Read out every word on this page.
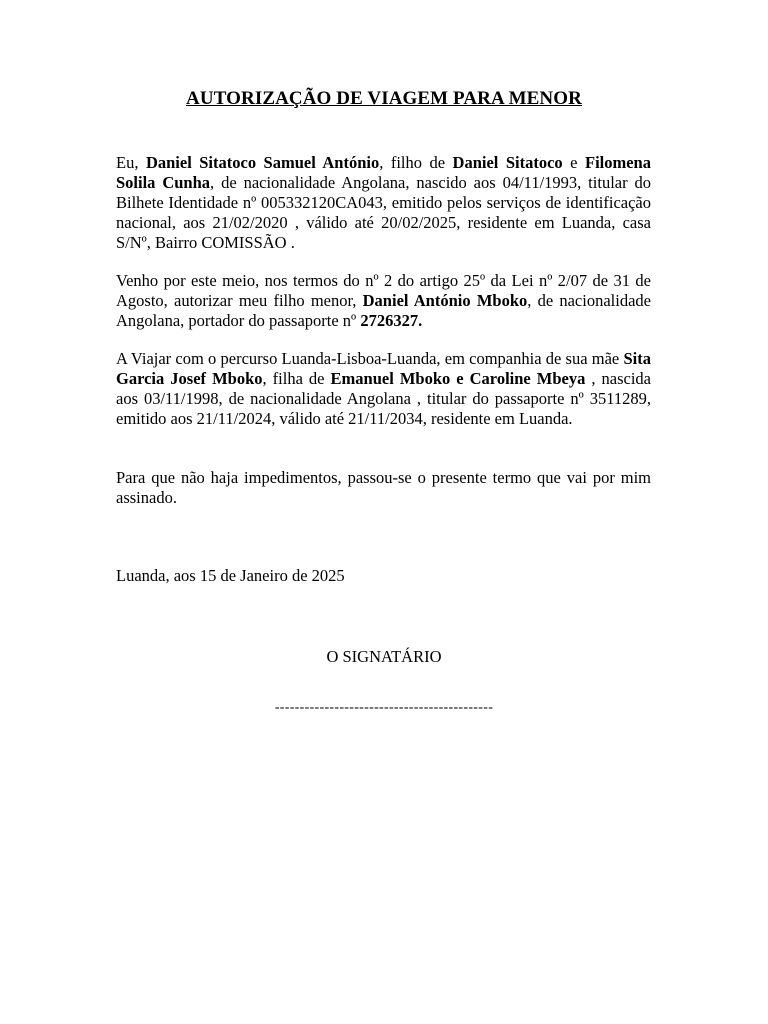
AUTORIZAÇÃO DE VIAGEM PARA MENOR

Eu, Daniel Sitatoco Samuel António, filho de Daniel Sitatoco e Filomena Solila Cunha, de nacionalidade Angolana, nascido aos 04/11/1993, titular do Bilhete Identidade nº 005332120CA043, emitido pelos serviços de identificação nacional, aos 21/02/2020 , válido até 20/02/2025, residente em Luanda, casa S/Nº, Bairro COMISSÃO .

Venho por este meio, nos termos do nº 2 do artigo 25º da Lei nº 2/07 de 31 de Agosto, autorizar meu filho menor, Daniel António Mboko, de nacionalidade Angolana, portador do passaporte nº 2726327.

A Viajar com o percurso Luanda-Lisboa-Luanda, em companhia de sua mãe Sita Garcia Josef Mboko, filha de Emanuel Mboko e Caroline Mbeya , nascida aos 03/11/1998, de nacionalidade Angolana , titular do passaporte nº 3511289, emitido aos 21/11/2024, válido até 21/11/2034, residente em Luanda.

Para que não haja impedimentos, passou-se o presente termo que vai por mim assinado.

Luanda, aos 15 de Janeiro de 2025

O SIGNATÁRIO

--------------------------------------------
